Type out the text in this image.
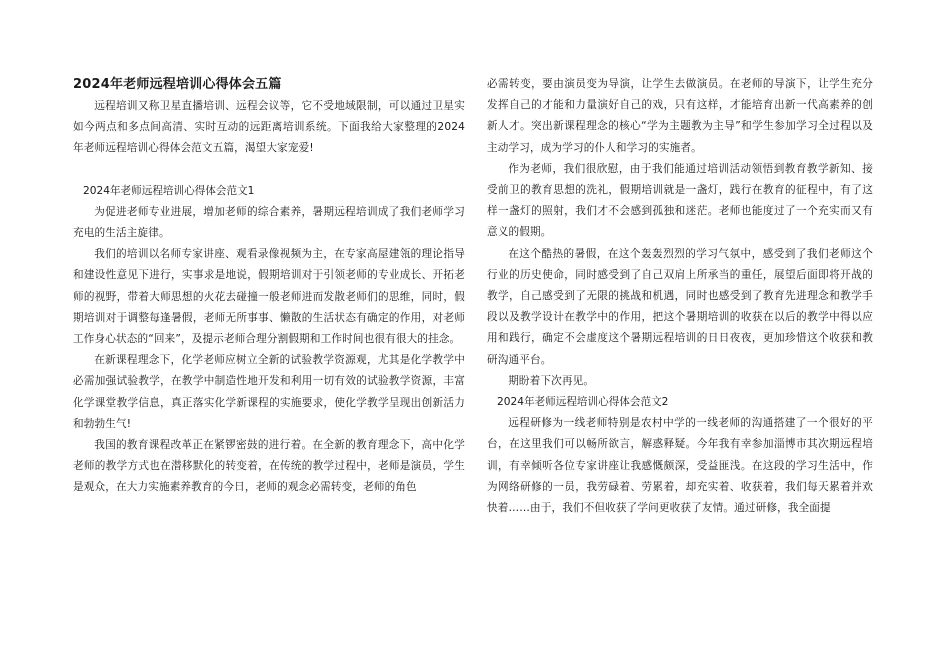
2024年老师远程培训心得体会五篇

远程培训又称卫星直播培训、远程会议等，它不受地域限制，可以通过卫星实如今两点和多点间高清、实时互动的远距离培训系统。下面我给大家整理的2024年老师远程培训心得体会范文五篇，渴望大家宠爱!

2024年老师远程培训心得体会范文1

为促进老师专业进展，增加老师的综合素养，暑期远程培训成了我们老师学习充电的生活主旋律。

我们的培训以名师专家讲座、观看录像视频为主，在专家高屋建瓴的理论指导和建设性意见下进行，实事求是地说，假期培训对于引领老师的专业成长、开拓老师的视野，带着大师思想的火花去碰撞一般老师进而发散老师们的思维，同时，假期培训对于调整每逢暑假，老师无所事事、懒散的生活状态有确定的作用，对老师工作身心状态的“回来”，及提示老师合理分割假期和工作时间也很有很大的挂念。

在新课程理念下，化学老师应树立全新的试验教学资源观，尤其是化学教学中必需加强试验教学，在教学中制造性地开发和利用一切有效的试验教学资源，丰富化学课堂教学信息，真正落实化学新课程的实施要求，使化学教学呈现出创新活力和勃勃生气!

我国的教育课程改革正在紧锣密鼓的进行着。在全新的教育理念下，高中化学老师的教学方式也在潜移默化的转变着，在传统的教学过程中，老师是演员，学生是观众，在大力实施素养教育的今日，老师的观念必需转变，老师的角色

必需转变，要由演员变为导演，让学生去做演员。在老师的导演下，让学生充分发挥自己的才能和力量演好自己的戏，只有这样，才能培育出新一代高素养的创新人才。突出新课程理念的核心“学为主题教为主导”和学生参加学习全过程以及主动学习，成为学习的仆人和学习的实施者。

作为老师，我们很欣慰，由于我们能通过培训活动领悟到教育教学新知、接受前卫的教育思想的洗礼，假期培训就是一盏灯，践行在教育的征程中，有了这样一盏灯的照射，我们才不会感到孤独和迷茫。老师也能度过了一个充实而又有意义的假期。

在这个酷热的暑假，在这个轰轰烈烈的学习气氛中，感受到了我们老师这个行业的历史使命，同时感受到了自己双肩上所承当的重任，展望后面即将开战的教学，自己感受到了无限的挑战和机遇，同时也感受到了教育先进理念和教学手段以及教学设计在教学中的作用，把这个暑期培训的收获在以后的教学中得以应用和践行，确定不会虚度这个暑期远程培训的日日夜夜，更加珍惜这个收获和教研沟通平台。

期盼着下次再见。

2024年老师远程培训心得体会范文2

远程研修为一线老师特别是农村中学的一线老师的沟通搭建了一个很好的平台，在这里我们可以畅所欲言，解惑释疑。今年我有幸参加淄博市其次期远程培训，有幸倾听各位专家讲座让我感慨颇深，受益匪浅。在这段的学习生活中，作为网络研修的一员，我劳碌着、劳累着，却充实着、收获着，我们每天累着并欢快着……由于，我们不但收获了学问更收获了友情。通过研修，我全面提
